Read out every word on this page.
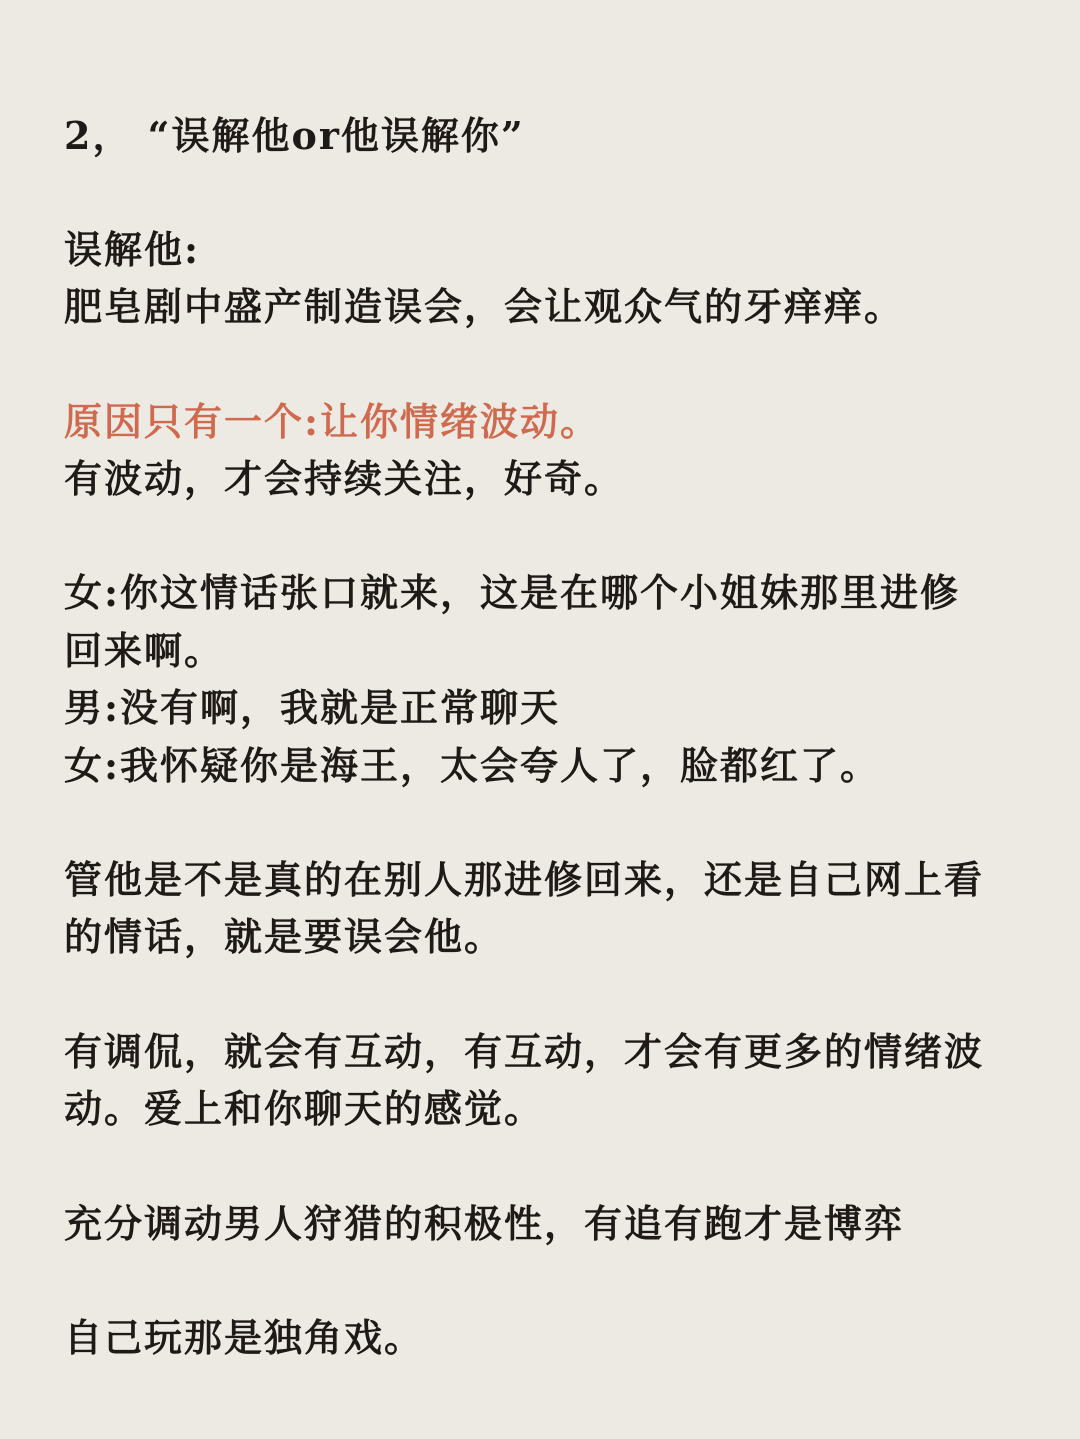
2， “误解他or他误解你”
误解他:
肥皂剧中盛产制造误会，会让观众气的牙痒痒。
原因只有一个:让你情绪波动。
有波动，才会持续关注，好奇。
女:你这情话张口就来，这是在哪个小姐妹那里进修
回来啊。
男:没有啊，我就是正常聊天
女:我怀疑你是海王，太会夸人了，脸都红了。
管他是不是真的在别人那进修回来，还是自己网上看
的情话，就是要误会他。
有调侃，就会有互动，有互动，才会有更多的情绪波
动。爱上和你聊天的感觉。
充分调动男人狩猎的积极性，有追有跑才是博弈
自己玩那是独角戏。
